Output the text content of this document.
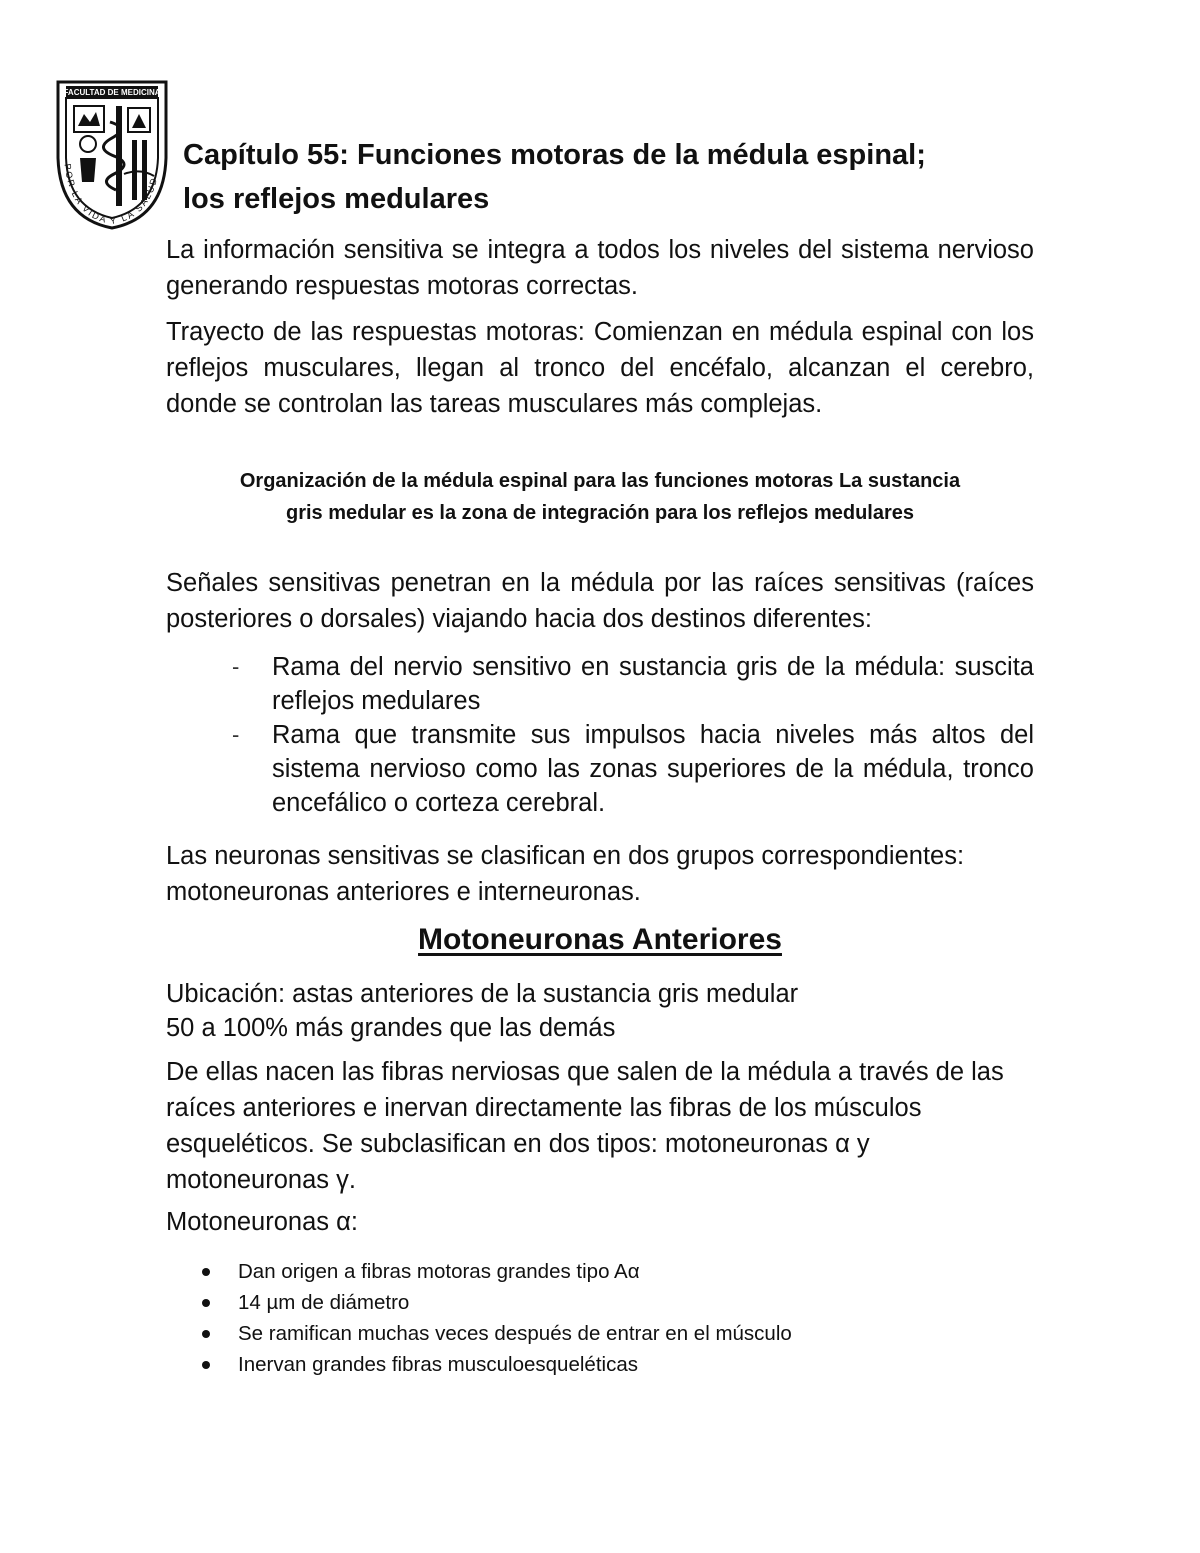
FACULTAD DE MEDICINA
POR LA VIDA Y LA SALUD
Capítulo 55: Funciones motoras de la médula espinal;
los reflejos medulares

La información sensitiva se integra a todos los niveles del sistema nervioso generando respuestas motoras correctas.

Trayecto de las respuestas motoras: Comienzan en médula espinal con los reflejos musculares, llegan al tronco del encéfalo, alcanzan el cerebro, donde se controlan las tareas musculares más complejas.

Organización de la médula espinal para las funciones motoras La sustancia
gris medular es la zona de integración para los reflejos medulares

Señales sensitivas penetran en la médula por las raíces sensitivas (raíces posteriores o dorsales) viajando hacia dos destinos diferentes:

- Rama del nervio sensitivo en sustancia gris de la médula: suscita reflejos medulares
- Rama que transmite sus impulsos hacia niveles más altos del sistema nervioso como las zonas superiores de la médula, tronco encefálico o corteza cerebral.

Las neuronas sensitivas se clasifican en dos grupos correspondientes: motoneuronas anteriores e interneuronas.

Motoneuronas Anteriores

Ubicación: astas anteriores de la sustancia gris medular

50 a 100% más grandes que las demás

De ellas nacen las fibras nerviosas que salen de la médula a través de las raíces anteriores e inervan directamente las fibras de los músculos esqueléticos. Se subclasifican en dos tipos: motoneuronas α y motoneuronas γ.

Motoneuronas α:

Dan origen a fibras motoras grandes tipo Aα
14 µm de diámetro
Se ramifican muchas veces después de entrar en el músculo
Inervan grandes fibras musculoesqueléticas
